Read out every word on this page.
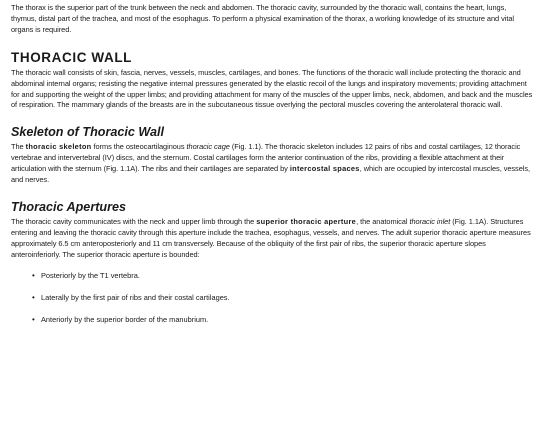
The thorax is the superior part of the trunk between the neck and abdomen. The thoracic cavity, surrounded by the thoracic wall, contains the heart, lungs, thymus, distal part of the trachea, and most of the esophagus. To perform a physical examination of the thorax, a working knowledge of its structure and vital organs is required.

THORACIC WALL

The thoracic wall consists of skin, fascia, nerves, vessels, muscles, cartilages, and bones. The functions of the thoracic wall include protecting the thoracic and abdominal internal organs; resisting the negative internal pressures generated by the elastic recoil of the lungs and inspiratory movements; providing attachment for and supporting the weight of the upper limbs; and providing attachment for many of the muscles of the upper limbs, neck, abdomen, and back and the muscles of respiration. The mammary glands of the breasts are in the subcutaneous tissue overlying the pectoral muscles covering the anterolateral thoracic wall.

Skeleton of Thoracic Wall

The thoracic skeleton forms the osteocartilaginous thoracic cage (Fig. 1.1). The thoracic skeleton includes 12 pairs of ribs and costal cartilages, 12 thoracic vertebrae and intervertebral (IV) discs, and the sternum. Costal cartilages form the anterior continuation of the ribs, providing a flexible attachment at their articulation with the sternum (Fig. 1.1A). The ribs and their cartilages are separated by intercostal spaces, which are occupied by intercostal muscles, vessels, and nerves.

Thoracic Apertures

The thoracic cavity communicates with the neck and upper limb through the superior thoracic aperture, the anatomical thoracic inlet (Fig. 1.1A). Structures entering and leaving the thoracic cavity through this aperture include the trachea, esophagus, vessels, and nerves. The adult superior thoracic aperture measures approximately 6.5 cm anteroposteriorly and 11 cm transversely. Because of the obliquity of the first pair of ribs, the superior thoracic aperture slopes anteroinferiorly. The superior thoracic aperture is bounded:

• Posteriorly by the T1 vertebra.
• Laterally by the first pair of ribs and their costal cartilages.
• Anteriorly by the superior border of the manubrium.
